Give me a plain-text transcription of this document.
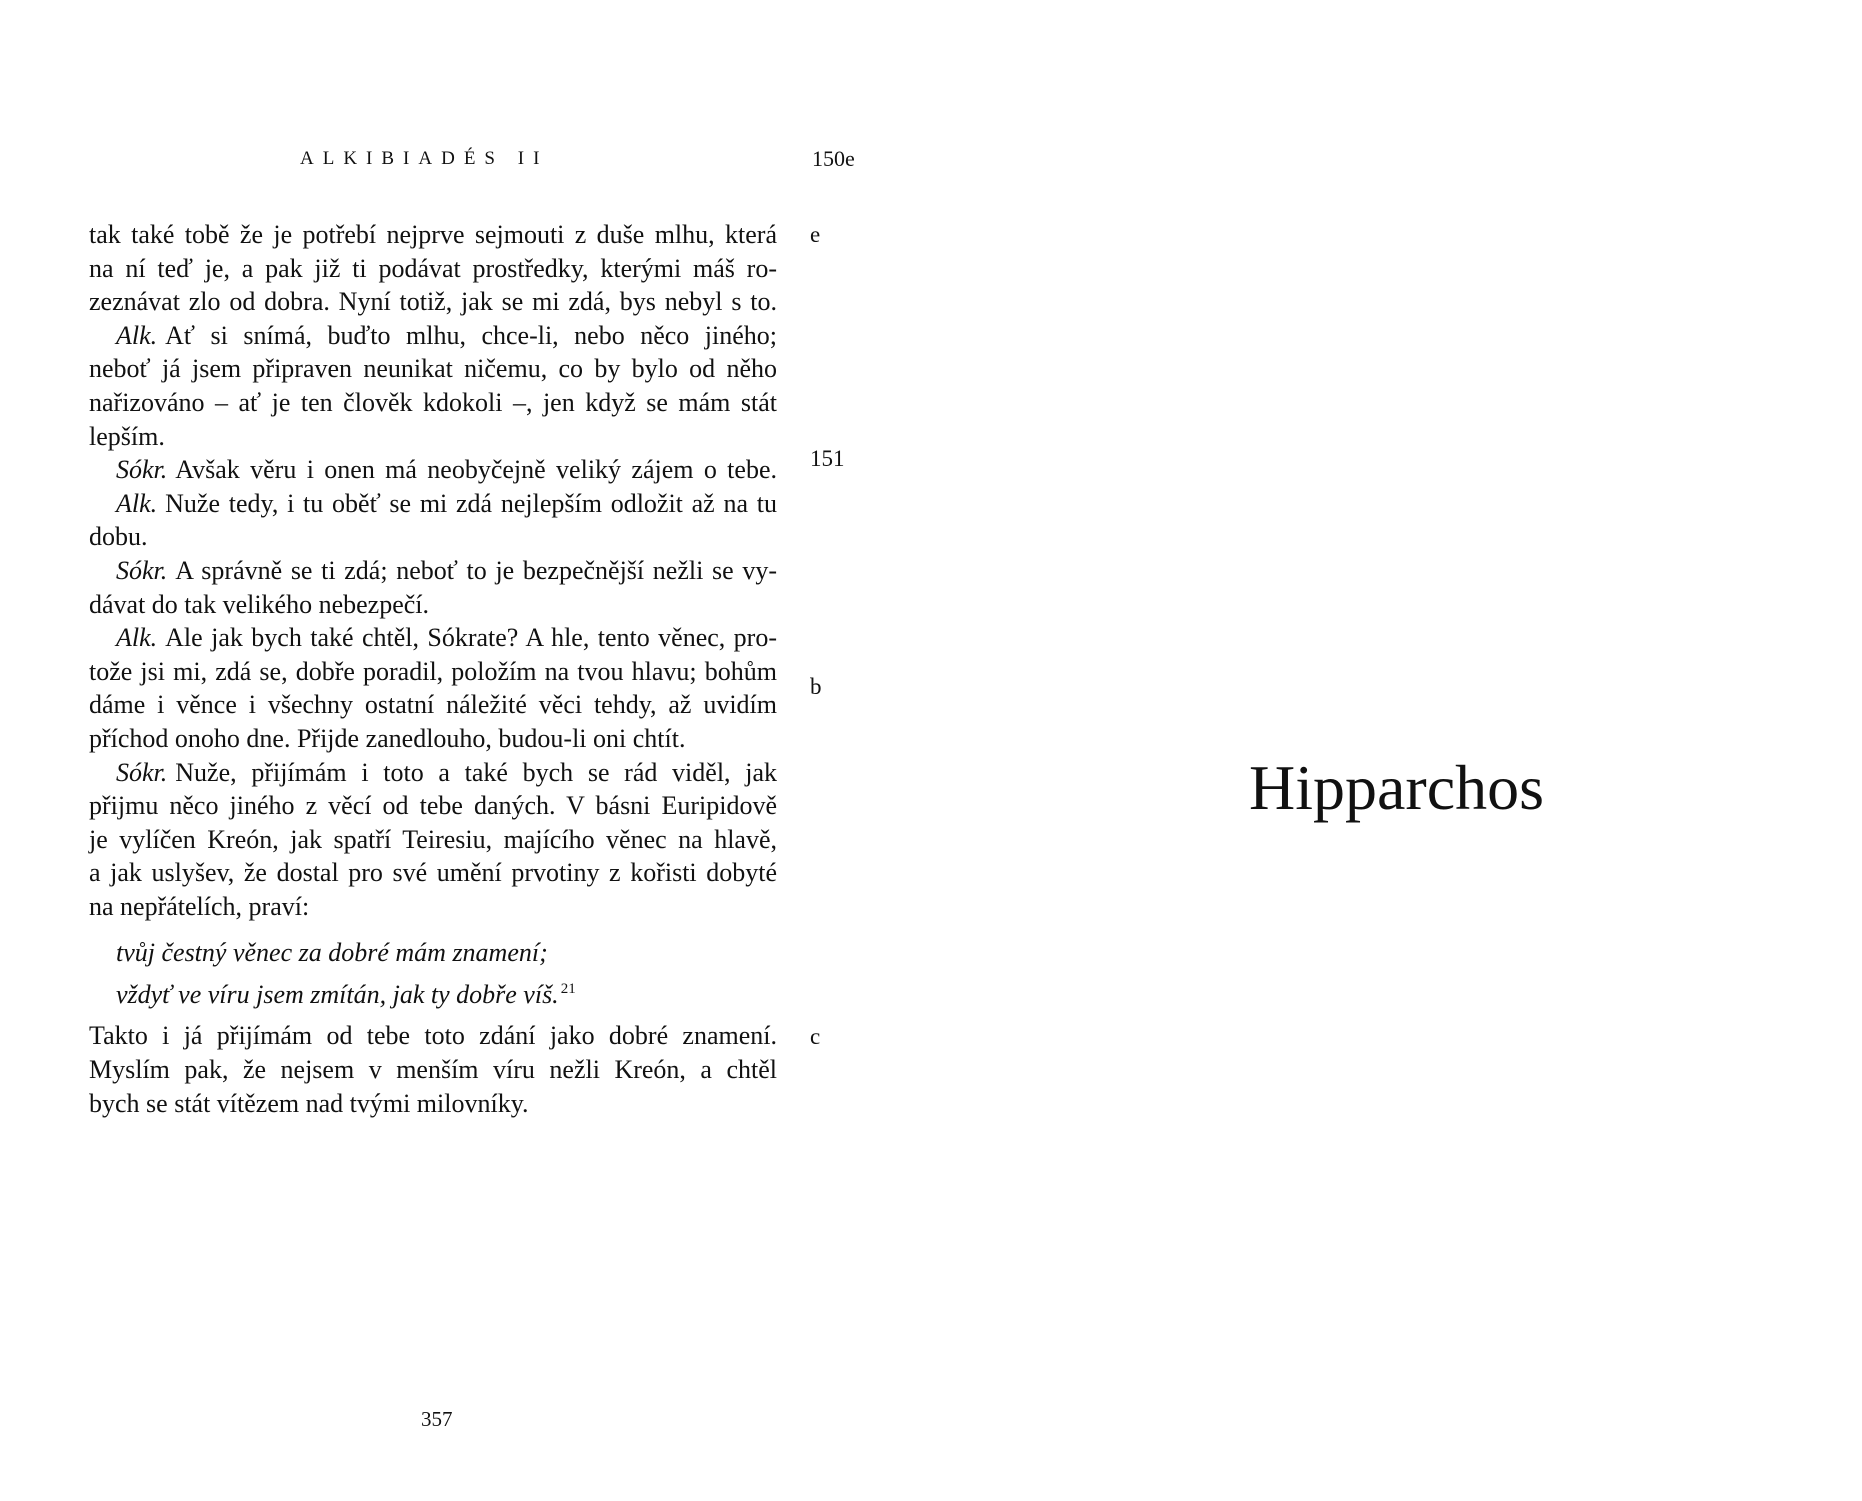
ALKIBIADÉS II	150e
tak také tobě že je potřebí nejprve sejmouti z duše mlhu, která
na ní teď je, a pak již ti podávat prostředky, kterými máš ro-
zeznávat zlo od dobra. Nyní totiž, jak se mi zdá, bys nebyl s to.
Alk. Ať si snímá, buďto mlhu, chce-li, nebo něco jiného;
neboť já jsem připraven neunikat ničemu, co by bylo od něho
nařizováno – ať je ten člověk kdokoli –, jen když se mám stát
lepším.
Sókr. Avšak věru i onen má neobyčejně veliký zájem o tebe.
Alk. Nuže tedy, i tu oběť se mi zdá nejlepším odložit až na tu
dobu.
Sókr. A správně se ti zdá; neboť to je bezpečnější nežli se vy-
dávat do tak velikého nebezpečí.
Alk. Ale jak bych také chtěl, Sókrate? A hle, tento věnec, pro-
tože jsi mi, zdá se, dobře poradil, položím na tvou hlavu; bohům
dáme i věnce i všechny ostatní náležité věci tehdy, až uvidím
příchod onoho dne. Přijde zanedlouho, budou-li oni chtít.
Sókr. Nuže, přijímám i toto a také bych se rád viděl, jak
přijmu něco jiného z věcí od tebe daných. V básni Euripidově
je vylíčen Kreón, jak spatří Teiresiu, majícího věnec na hlavě,
a jak uslyšev, že dostal pro své umění prvotiny z kořisti dobyté
na nepřátelích, praví:
tvůj čestný věnec za dobré mám znamení;
vždyť ve víru jsem zmítán, jak ty dobře víš. $^{21}$
Takto i já přijímám od tebe toto zdání jako dobré znamení.
Myslím pak, že nejsem v menším víru nežli Kreón, a chtěl
bych se stát vítězem nad tvými milovníky.
e
151
b
c
357
Hipparchos
